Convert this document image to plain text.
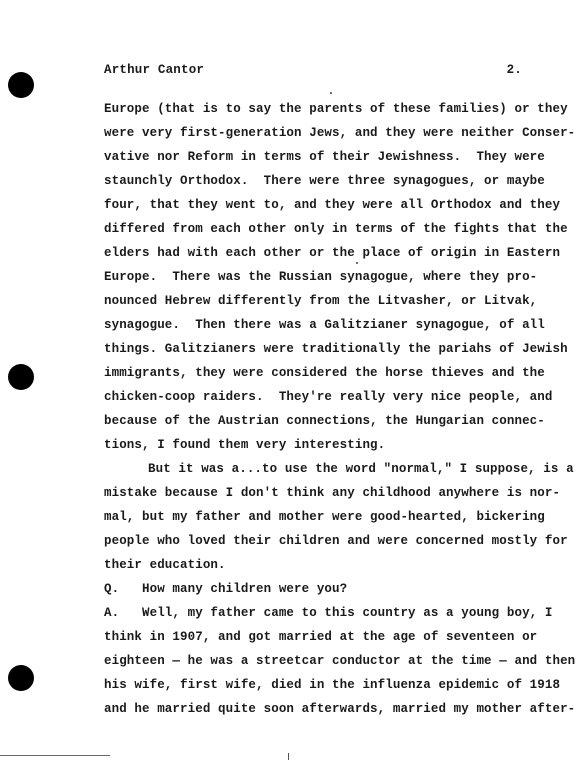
Arthur Cantor	2.
Europe (that is to say the parents of these families) or they
were very first-generation Jews, and they were neither Conser-
vative nor Reform in terms of their Jewishness.  They were
staunchly Orthodox.  There were three synagogues, or maybe
four, that they went to, and they were all Orthodox and they
differed from each other only in terms of the fights that the
elders had with each other or the place of origin in Eastern
Europe.  There was the Russian synagogue, where they pro-
nounced Hebrew differently from the Litvasher, or Litvak,
synagogue.  Then there was a Galitzianer synagogue, of all
things. Galitzianers were traditionally the pariahs of Jewish
immigrants, they were considered the horse thieves and the
chicken-coop raiders.  They're really very nice people, and
because of the Austrian connections, the Hungarian connec-
tions, I found them very interesting.
But it was a...to use the word "normal," I suppose, is a
mistake because I don't think any childhood anywhere is nor-
mal, but my father and mother were good-hearted, bickering
people who loved their children and were concerned mostly for
their education.
Q.   How many children were you?
A.   Well, my father came to this country as a young boy, I
think in 1907, and got married at the age of seventeen or
eighteen — he was a streetcar conductor at the time — and then
his wife, first wife, died in the influenza epidemic of 1918
and he married quite soon afterwards, married my mother after-
